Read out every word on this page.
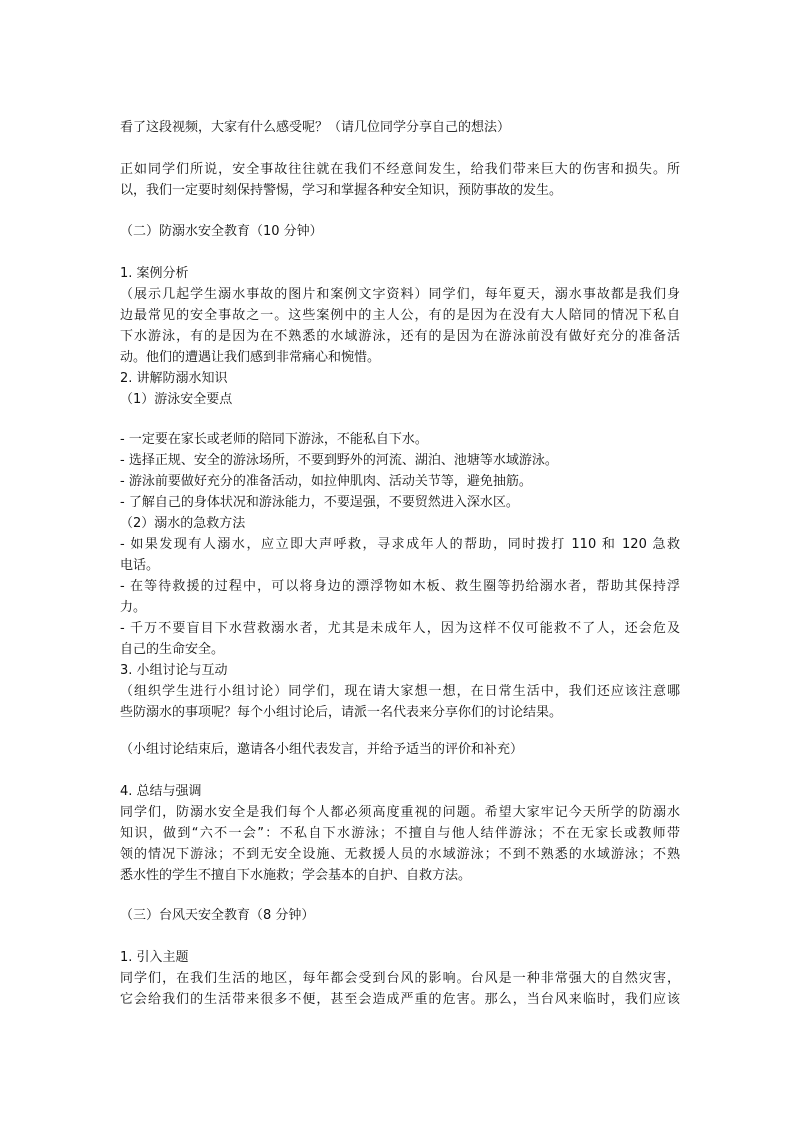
看了这段视频，大家有什么感受呢？（请几位同学分享自己的想法）
正如同学们所说，安全事故往往就在我们不经意间发生，给我们带来巨大的伤害和损失。所
以，我们一定要时刻保持警惕，学习和掌握各种安全知识，预防事故的发生。
（二）防溺水安全教育（10 分钟）
1. 案例分析
（展示几起学生溺水事故的图片和案例文字资料）同学们，每年夏天，溺水事故都是我们身
边最常见的安全事故之一。这些案例中的主人公，有的是因为在没有大人陪同的情况下私自
下水游泳，有的是因为在不熟悉的水域游泳，还有的是因为在游泳前没有做好充分的准备活
动。他们的遭遇让我们感到非常痛心和惋惜。
2. 讲解防溺水知识
（1）游泳安全要点
- 一定要在家长或老师的陪同下游泳，不能私自下水。
- 选择正规、安全的游泳场所，不要到野外的河流、湖泊、池塘等水域游泳。
- 游泳前要做好充分的准备活动，如拉伸肌肉、活动关节等，避免抽筋。
- 了解自己的身体状况和游泳能力，不要逞强，不要贸然进入深水区。
（2）溺水的急救方法
- 如果发现有人溺水，应立即大声呼救，寻求成年人的帮助，同时拨打 110 和 120 急救
电话。
- 在等待救援的过程中，可以将身边的漂浮物如木板、救生圈等扔给溺水者，帮助其保持浮
力。
- 千万不要盲目下水营救溺水者，尤其是未成年人，因为这样不仅可能救不了人，还会危及
自己的生命安全。
3. 小组讨论与互动
（组织学生进行小组讨论）同学们，现在请大家想一想，在日常生活中，我们还应该注意哪
些防溺水的事项呢？每个小组讨论后，请派一名代表来分享你们的讨论结果。
（小组讨论结束后，邀请各小组代表发言，并给予适当的评价和补充）
4. 总结与强调
同学们，防溺水安全是我们每个人都必须高度重视的问题。希望大家牢记今天所学的防溺水
知识，做到“六不一会”：不私自下水游泳；不擅自与他人结伴游泳；不在无家长或教师带
领的情况下游泳；不到无安全设施、无救援人员的水域游泳；不到不熟悉的水域游泳；不熟
悉水性的学生不擅自下水施救；学会基本的自护、自救方法。
（三）台风天安全教育（8 分钟）
1. 引入主题
同学们，在我们生活的地区，每年都会受到台风的影响。台风是一种非常强大的自然灾害，
它会给我们的生活带来很多不便，甚至会造成严重的危害。那么，当台风来临时，我们应该
